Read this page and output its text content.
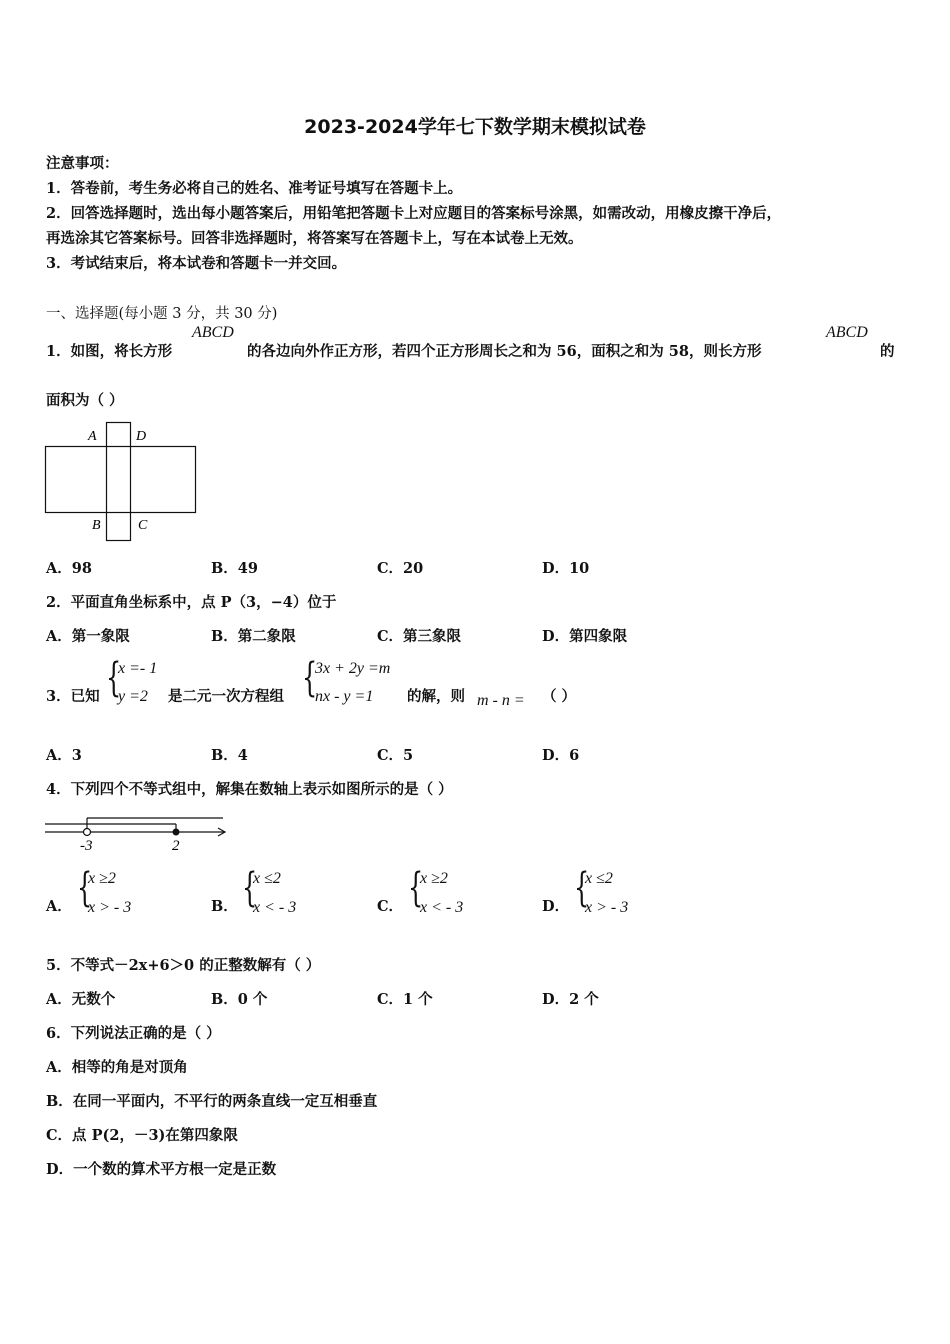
2023-2024学年七下数学期末模拟试卷
注意事项：
1．答卷前，考生务必将自己的姓名、准考证号填写在答题卡上。
2．回答选择题时，选出每小题答案后，用铅笔把答题卡上对应题目的答案标号涂黑，如需改动，用橡皮擦干净后，
再选涂其它答案标号。回答非选择题时，将答案写在答题卡上，写在本试卷上无效。
3．考试结束后，将本试卷和答题卡一并交回。
一、选择题(每小题 3 分，共 30 分)
1．如图，将长方形
ABCD
的各边向外作正方形，若四个正方形周长之和为 56，面积之和为 58，则长方形
ABCD
的
面积为（ ）
A	D
B	C
A．98	B．49	C．20	D．10
2．平面直角坐标系中，点 P（3，−4）位于
A．第一象限	B．第二象限	C．第三象限	D．第四象限
3．已知 {
x =- 1
y =2 是二元一次方程组 {
3x + 2y =m
nx - y =1 的解，则 m - n = （ ）
A．3	B．4	C．5	D．6
4．下列四个不等式组中，解集在数轴上表示如图所示的是（ ）
-3	2
A． {
x ≥2
x > - 3	B． {
x ≤2
x < - 3	C． {
x ≥2
x < - 3	D． {
x ≤2
x > - 3
5．不等式－2x+6＞0 的正整数解有（ ）
A．无数个	B．0 个	C．1 个	D．2 个
6．下列说法正确的是（ ）
A．相等的角是对顶角
B．在同一平面内，不平行的两条直线一定互相垂直
C．点 P(2，－3)在第四象限
D．一个数的算术平方根一定是正数
